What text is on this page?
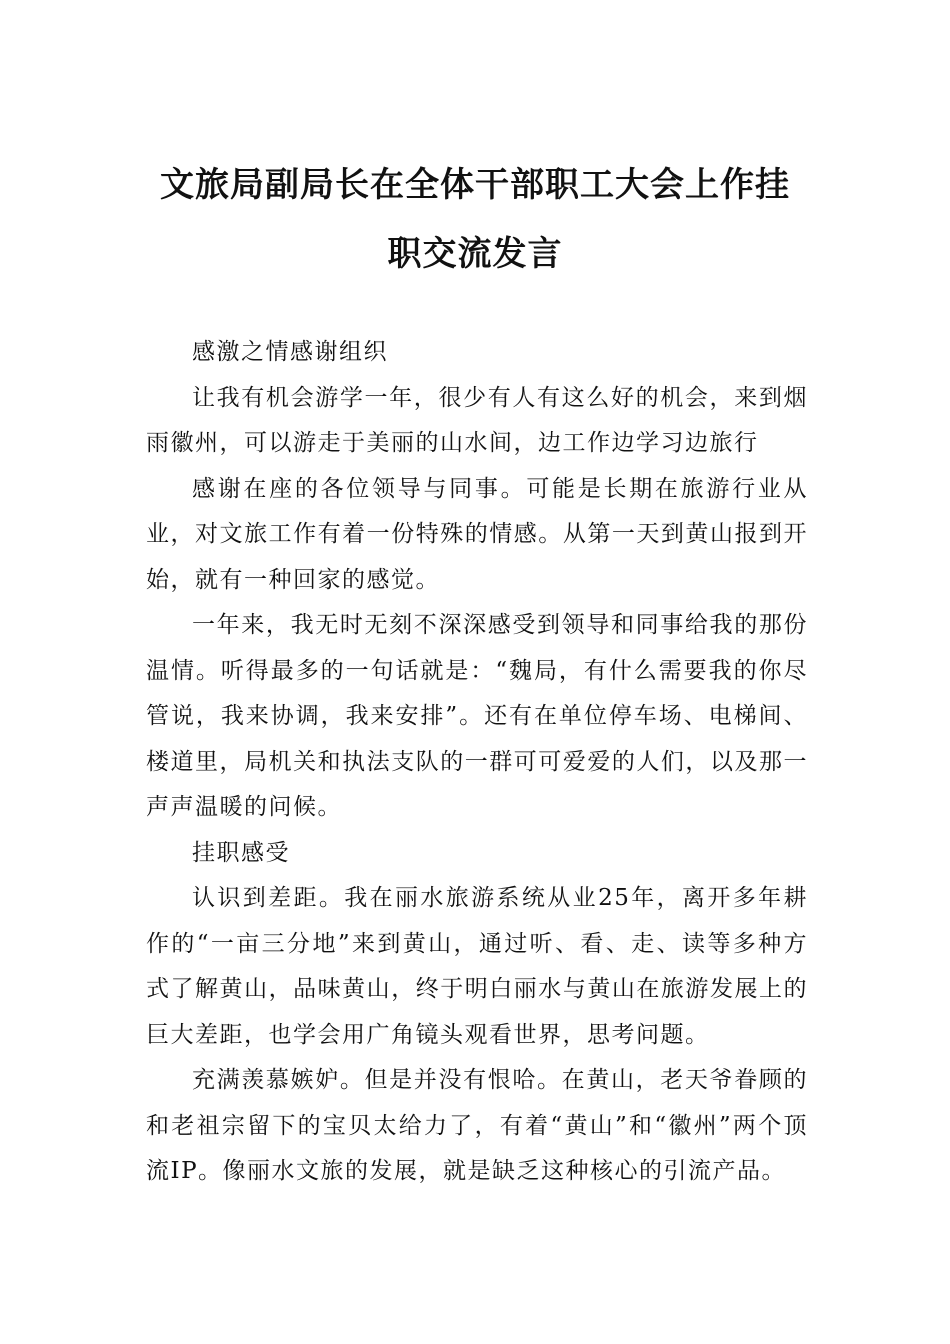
文旅局副局长在全体干部职工大会上作挂
职交流发言

感激之情感谢组织

让我有机会游学一年，很少有人有这么好的机会，来到烟雨徽州，可以游走于美丽的山水间，边工作边学习边旅行

感谢在座的各位领导与同事。可能是长期在旅游行业从业，对文旅工作有着一份特殊的情感。从第一天到黄山报到开始，就有一种回家的感觉。

一年来，我无时无刻不深深感受到领导和同事给我的那份温情。听得最多的一句话就是：“魏局，有什么需要我的你尽管说，我来协调，我来安排”。还有在单位停车场、电梯间、楼道里，局机关和执法支队的一群可可爱爱的人们，以及那一声声温暖的问候。

挂职感受

认识到差距。我在丽水旅游系统从业25年，离开多年耕作的“一亩三分地”来到黄山，通过听、看、走、读等多种方式了解黄山，品味黄山，终于明白丽水与黄山在旅游发展上的巨大差距，也学会用广角镜头观看世界，思考问题。

充满羡慕嫉妒。但是并没有恨哈。在黄山，老天爷眷顾的和老祖宗留下的宝贝太给力了，有着“黄山”和“徽州”两个顶流IP。像丽水文旅的发展，就是缺乏这种核心的引流产品。
